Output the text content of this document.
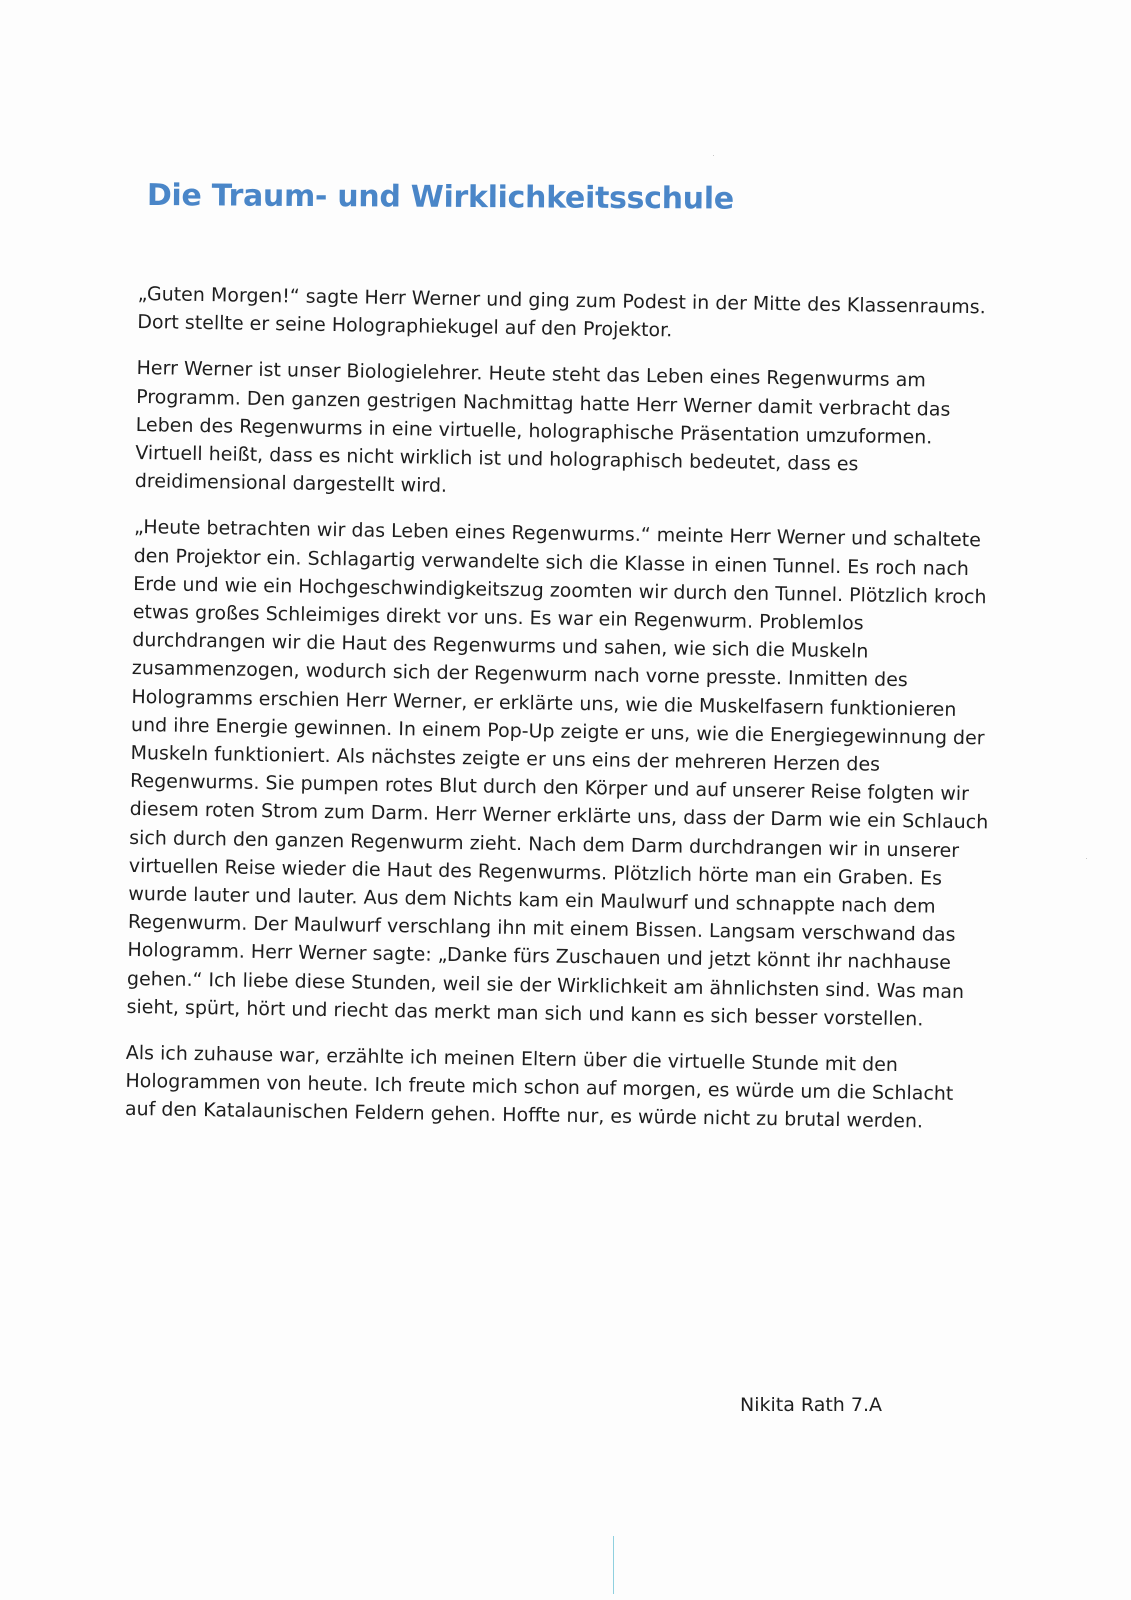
Die Traum- und Wirklichkeitsschule

„Guten Morgen!“ sagte Herr Werner und ging zum Podest in der Mitte des Klassenraums. Dort stellte er seine Holographiekugel auf den Projektor.

Herr Werner ist unser Biologielehrer. Heute steht das Leben eines Regenwurms am Programm. Den ganzen gestrigen Nachmittag hatte Herr Werner damit verbracht das Leben des Regenwurms in eine virtuelle, holographische Präsentation umzuformen. Virtuell heißt, dass es nicht wirklich ist und holographisch bedeutet, dass es dreidimensional dargestellt wird.

„Heute betrachten wir das Leben eines Regenwurms.“ meinte Herr Werner und schaltete den Projektor ein. Schlagartig verwandelte sich die Klasse in einen Tunnel. Es roch nach Erde und wie ein Hochgeschwindigkeitszug zoomten wir durch den Tunnel. Plötzlich kroch etwas großes Schleimiges direkt vor uns. Es war ein Regenwurm. Problemlos durchdrangen wir die Haut des Regenwurms und sahen, wie sich die Muskeln zusammenzogen, wodurch sich der Regenwurm nach vorne presste. Inmitten des Hologramms erschien Herr Werner, er erklärte uns, wie die Muskelfasern funktionieren und ihre Energie gewinnen. In einem Pop-Up zeigte er uns, wie die Energiegewinnung der Muskeln funktioniert. Als nächstes zeigte er uns eins der mehreren Herzen des Regenwurms. Sie pumpen rotes Blut durch den Körper und auf unserer Reise folgten wir diesem roten Strom zum Darm. Herr Werner erklärte uns, dass der Darm wie ein Schlauch sich durch den ganzen Regenwurm zieht. Nach dem Darm durchdrangen wir in unserer virtuellen Reise wieder die Haut des Regenwurms. Plötzlich hörte man ein Graben. Es wurde lauter und lauter. Aus dem Nichts kam ein Maulwurf und schnappte nach dem Regenwurm. Der Maulwurf verschlang ihn mit einem Bissen. Langsam verschwand das Hologramm. Herr Werner sagte: „Danke fürs Zuschauen und jetzt könnt ihr nachhause gehen.“ Ich liebe diese Stunden, weil sie der Wirklichkeit am ähnlichsten sind. Was man sieht, spürt, hört und riecht das merkt man sich und kann es sich besser vorstellen.

Als ich zuhause war, erzählte ich meinen Eltern über die virtuelle Stunde mit den Hologrammen von heute. Ich freute mich schon auf morgen, es würde um die Schlacht auf den Katalaunischen Feldern gehen. Hoffte nur, es würde nicht zu brutal werden.

Nikita Rath 7.A
